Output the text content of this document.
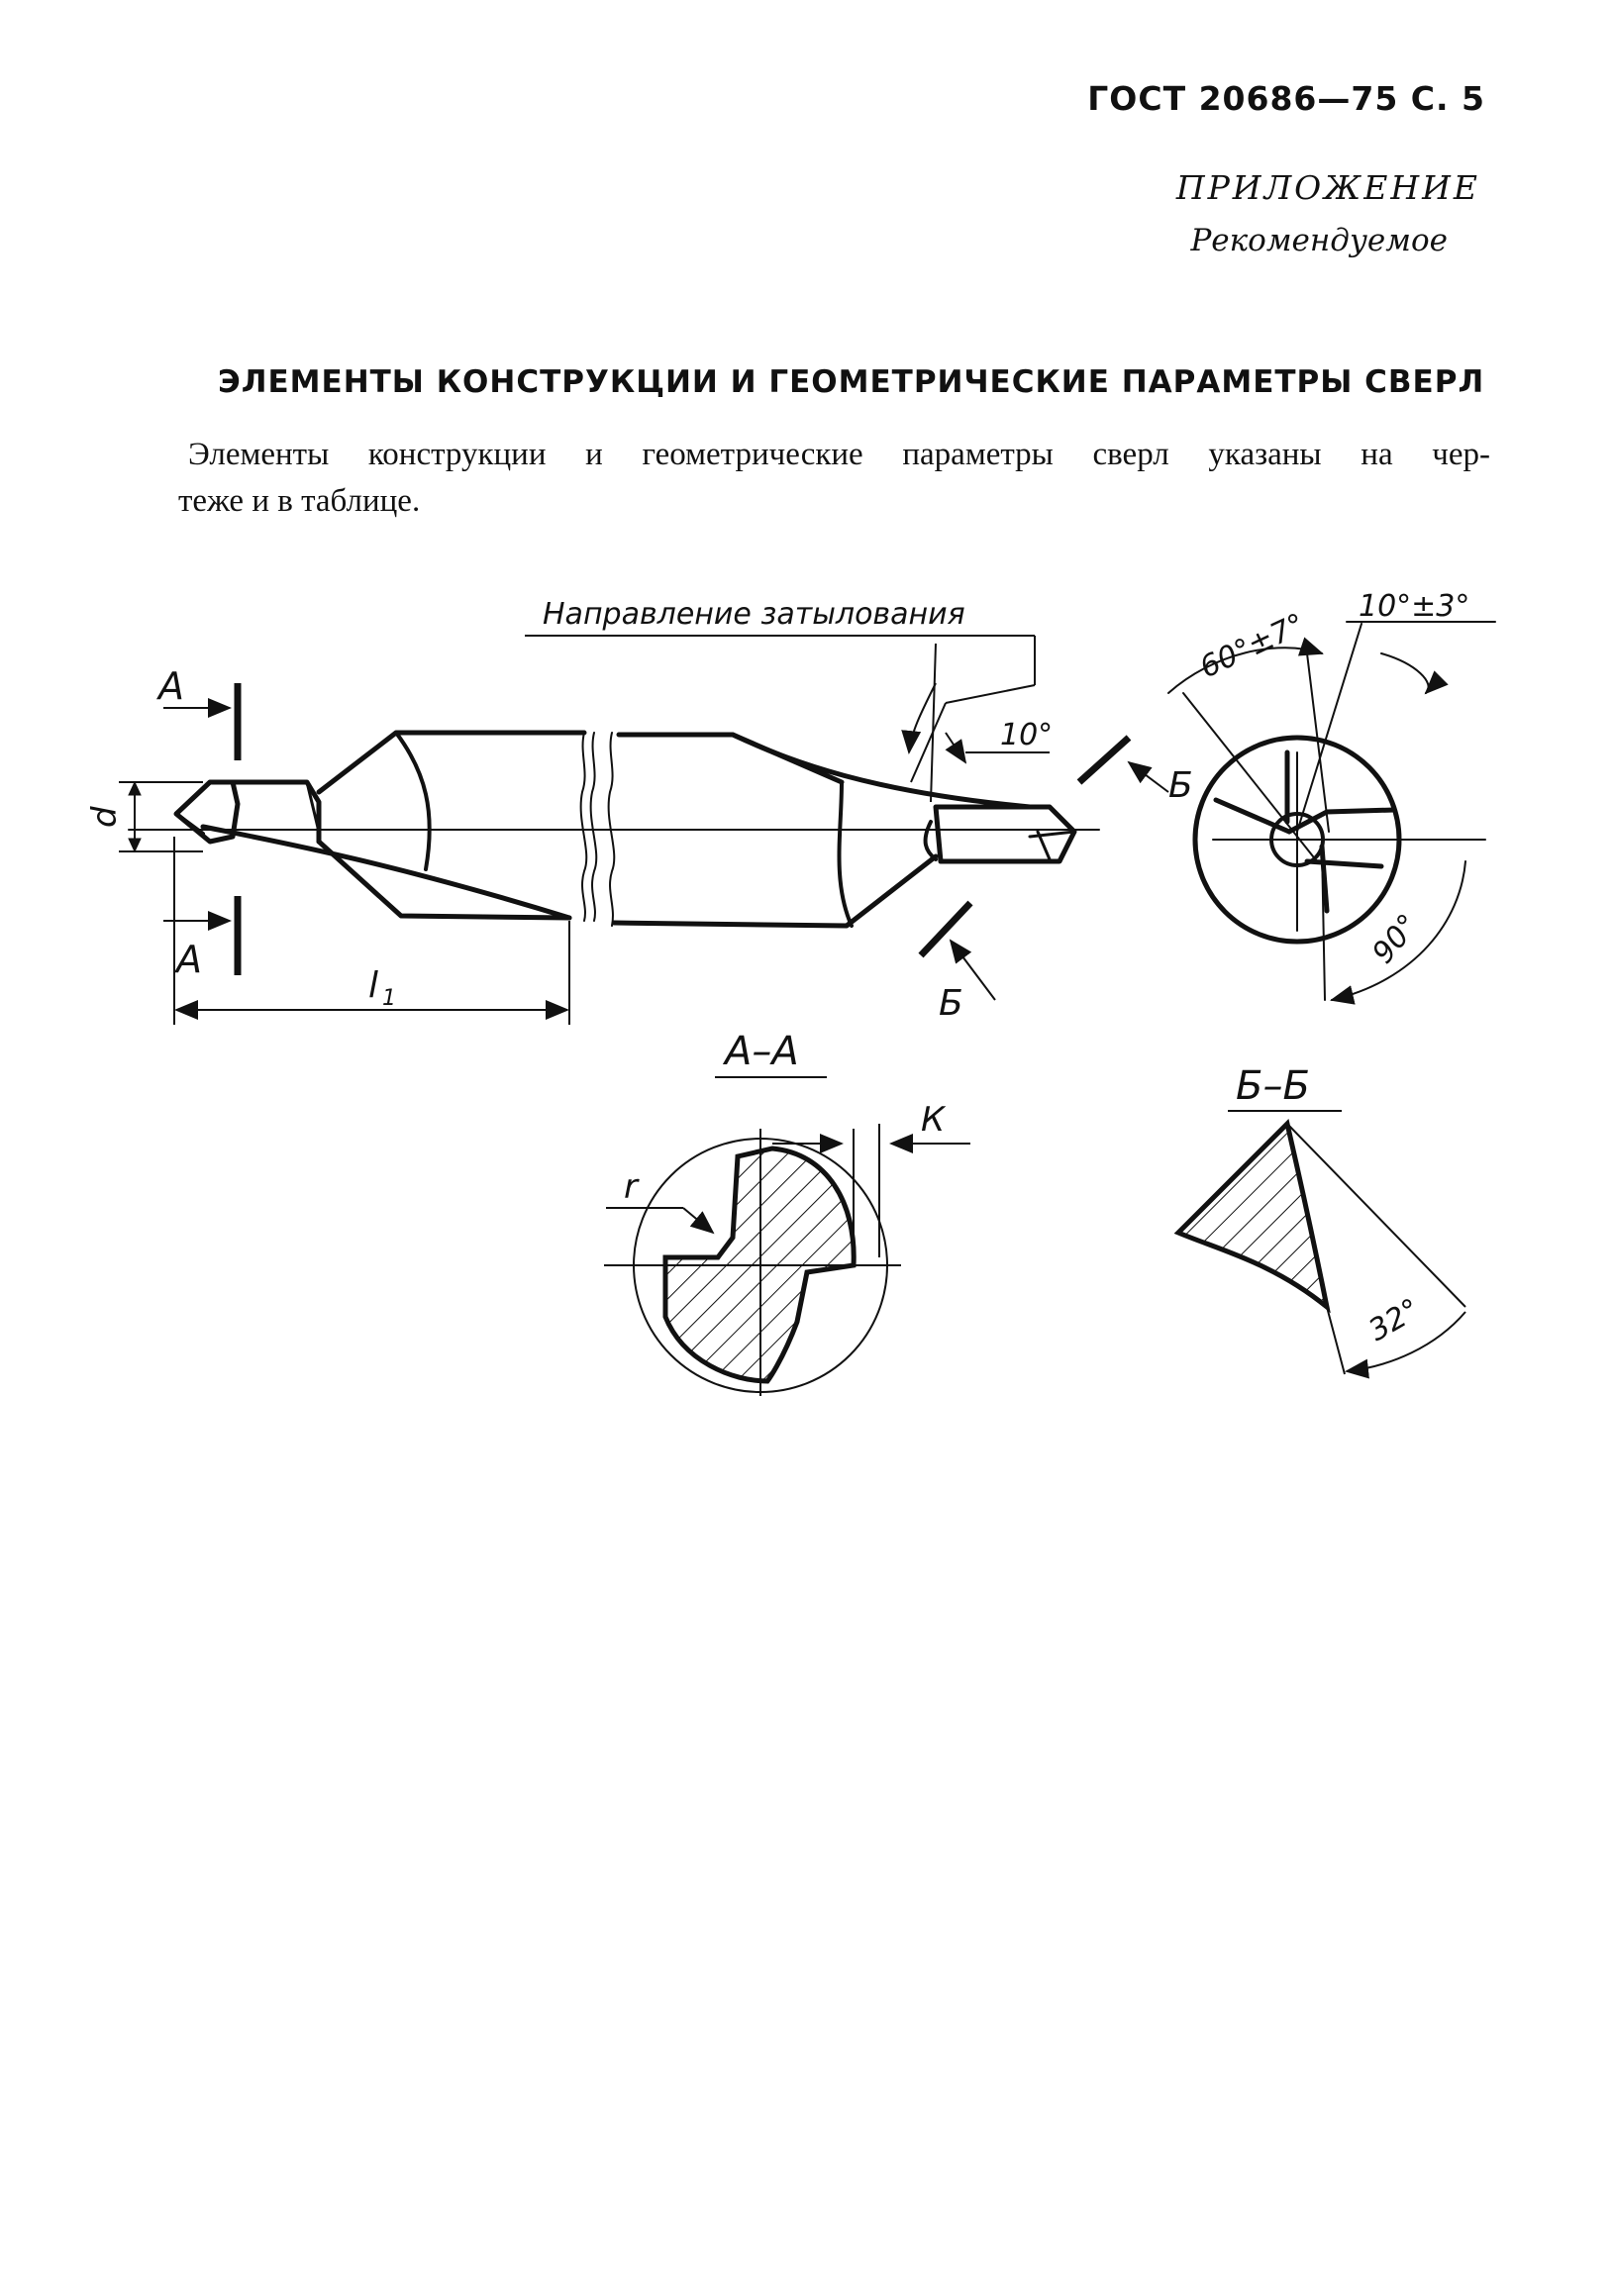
ГОСТ 20686—75 С. 5
ПРИЛОЖЕНИЕ
Рекомендуемое
ЭЛЕМЕНТЫ КОНСТРУКЦИИ И ГЕОМЕТРИЧЕСКИЕ ПАРАМЕТРЫ СВЕРЛ
Элементы конструкции и геометрические параметры сверл указаны на чер-
теже и в таблице.
А
А
d
l 1
Направление затылования
10°
Б
Б
60°±7°
10°±3°
90°
А–А
К
r
Б–Б
32°
